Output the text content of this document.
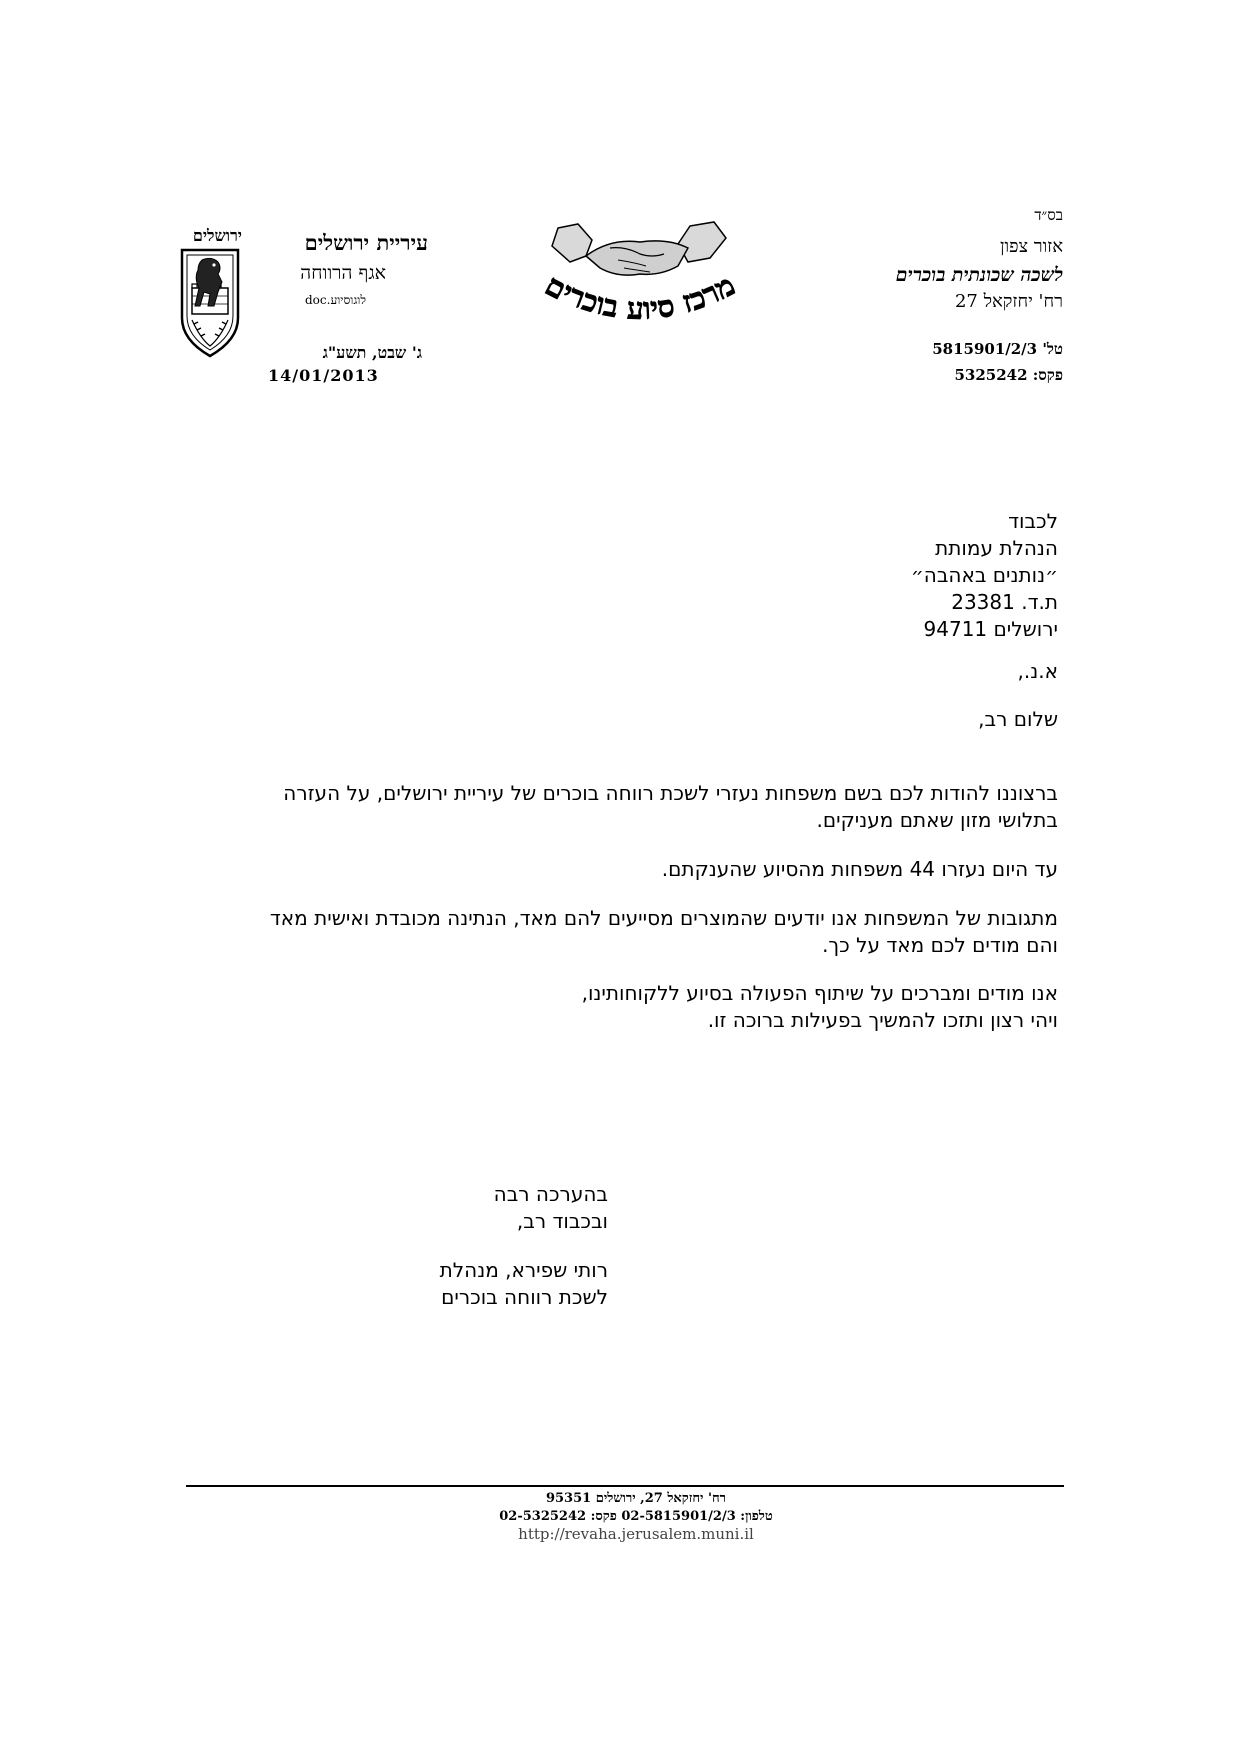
בס״ד
אזור צפון
לשכה שכונתית בוכרים
רח' יחזקאל 27
טל' 5815901/2/3
פקס: 5325242
מרכז סיוע בוכרים
עיריית ירושלים
אגף הרווחה
לוגוסיוע.doc
ג' שבט, תשע"ג
14/01/2013
ירושלים
לכבוד
הנהלת עמותת
״נותנים באהבה״
ת.ד. 23381
ירושלים 94711
א.נ.,
שלום רב,
ברצוננו להודות לכם בשם משפחות נעזרי לשכת רווחה בוכרים של עיריית ירושלים, על העזרה
בתלושי מזון שאתם מעניקים.
עד היום נעזרו 44 משפחות מהסיוע שהענקתם.
מתגובות של המשפחות אנו יודעים שהמוצרים מסייעים להם מאד, הנתינה מכובדת ואישית מאד
והם מודים לכם מאד על כך.
אנו מודים ומברכים על שיתוף הפעולה בסיוע ללקוחותינו,
ויהי רצון ותזכו להמשיך בפעילות ברוכה זו.
בהערכה רבה
ובכבוד רב,
רותי שפירא, מנהלת
לשכת רווחה בוכרים
רח' יחזקאל 27, ירושלים 95351
טלפון: 02-5815901/2/3 פקס: 02-5325242
http://revaha.jerusalem.muni.il
